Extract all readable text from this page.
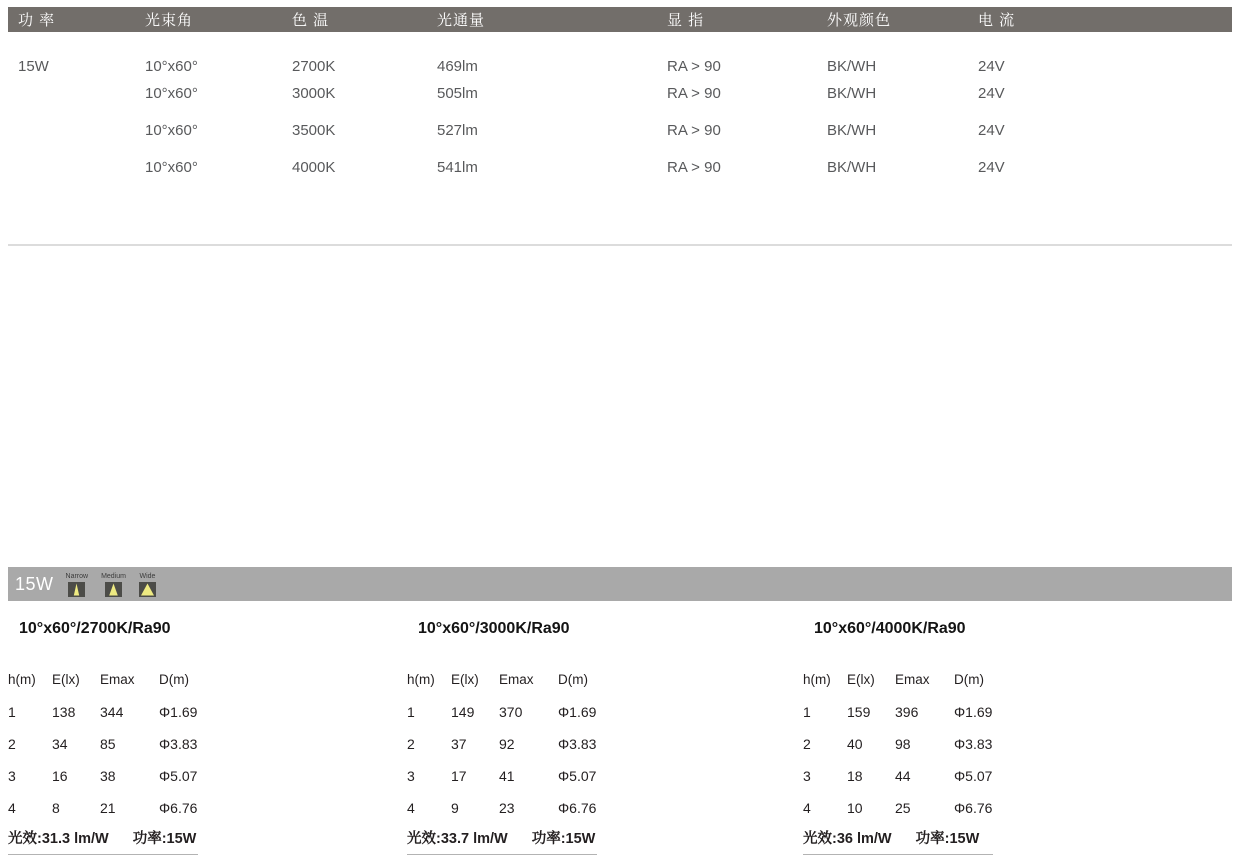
功 率	光束角	色 温	光通量	显 指	外观颜色	电 流
15W	10°x60°	2700K	469lm	RA > 90	BK/WH	24V
	10°x60°	3000K	505lm	RA > 90	BK/WH	24V
	10°x60°	3500K	527lm	RA > 90	BK/WH	24V
	10°x60°	4000K	541lm	RA > 90	BK/WH	24V
15W Narrow Medium Wide
10°x60°/2700K/Ra90
h(m)	E(lx)	Emax	D(m)
1	138	344	Φ1.69
2	34	85	Φ3.83
3	16	38	Φ5.07
4	8	21	Φ6.76
光效:31.3 lm/W 功率:15W
10°x60°/3000K/Ra90
h(m)	E(lx)	Emax	D(m)
1	149	370	Φ1.69
2	37	92	Φ3.83
3	17	41	Φ5.07
4	9	23	Φ6.76
光效:33.7 lm/W 功率:15W
10°x60°/4000K/Ra90
h(m)	E(lx)	Emax	D(m)
1	159	396	Φ1.69
2	40	98	Φ3.83
3	18	44	Φ5.07
4	10	25	Φ6.76
光效:36 lm/W 功率:15W
